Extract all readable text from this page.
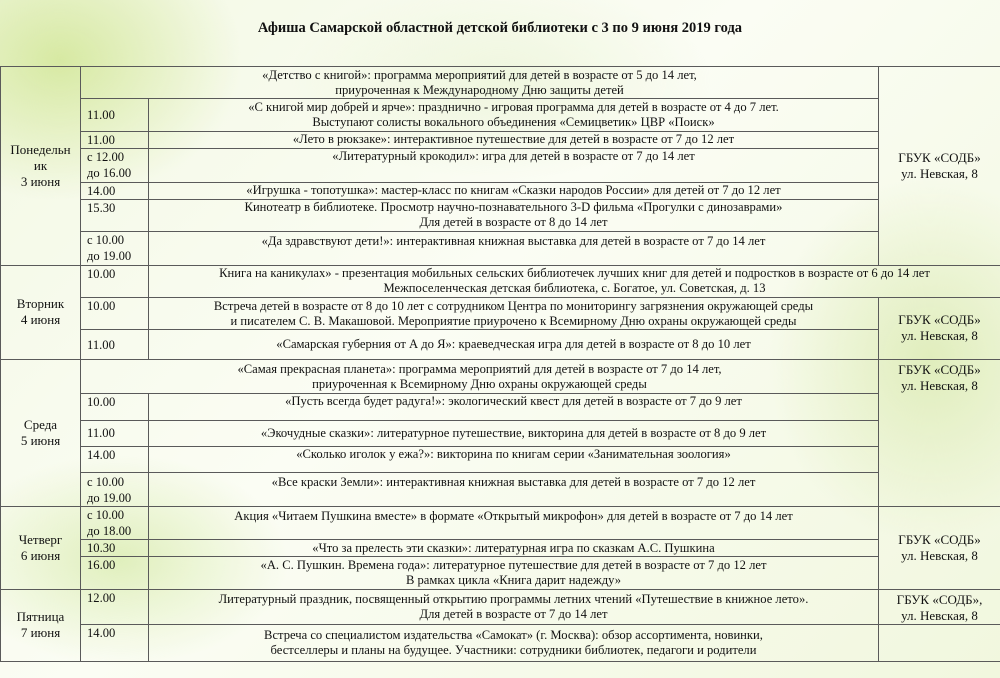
Афиша Самарской областной детской библиотеки с 3 по 9 июня 2019 года
Понедельн
ик
3 июня	«Детство с книгой»: программа мероприятий для детей в возрасте от 5 до 14 лет,
приуроченная к Международному Дню защиты детей		ГБУК «СОДБ»
ул. Невская, 8

	11.00	«С книгой мир добрей и ярче»: празднично - игровая программа для детей в возрасте от 4 до 7 лет.
Выступают солисты вокального объединения «Семицветик» ЦВР «Поиск»	
	11.00	«Лето в рюкзаке»: интерактивное путешествие для детей в возрасте от 7 до 12 лет	
	с 12.00
до 16.00	«Литературный крокодил»: игра для детей в возрасте от 7 до 14 лет	
	14.00	«Игрушка - топотушка»: мастер-класс по книгам «Сказки народов России» для детей от 7 до 12 лет	
	15.30	Кинотеатр в библиотеке. Просмотр научно-познавательного 3-D фильма «Прогулки с динозаврами»
Для детей в возрасте от 8 до 14 лет	
	с 10.00
до 19.00	«Да здравствуют дети!»: интерактивная книжная выставка для детей в возрасте от 7 до 14 лет	
Вторник
4 июня	10.00	Книга на каникулах» - презентация мобильных сельских библиотечек лучших книг для детей и подростков в возрасте от 6 до 14 лет
Межпоселенческая детская библиотека, с. Богатое, ул. Советская, д. 13	
	10.00	Встреча детей в возрасте от 8 до 10 лет с сотрудником Центра по мониторингу загрязнения окружающей среды
и писателем С. В. Макашовой. Мероприятие приурочено к Всемирному Дню охраны окружающей среды	ГБУК «СОДБ»
ул. Невская, 8

	11.00	«Самарская губерния от А до Я»: краеведческая игра для детей в возрасте от 8 до 10 лет	
Среда
5 июня	«Самая прекрасная планета»: программа мероприятий для детей в возрасте от 7 до 14 лет,
приуроченная к Всемирному Дню охраны окружающей среды		ГБУК «СОДБ»
ул. Невская, 8

	10.00	«Пусть всегда будет радуга!»: экологический квест для детей в возрасте от 7 до 9 лет	
	11.00	«Экочудные сказки»: литературное путешествие, викторина для детей в возрасте от 8 до 9 лет	
	14.00	«Сколько иголок у ежа?»: викторина по книгам серии «Занимательная зоология»	
	с 10.00
до 19.00	«Все краски Земли»: интерактивная книжная выставка для детей в возрасте от 7 до 12 лет	
Четверг
6 июня	с 10.00
до 18.00	Акция «Читаем Пушкина вместе» в формате «Открытый микрофон» для детей в возрасте от 7 до 14 лет	ГБУК «СОДБ»
ул. Невская, 8

	10.30	«Что за прелесть эти сказки»: литературная игра по сказкам А.С. Пушкина	
	16.00	«А. С. Пушкин. Времена года»: литературное путешествие для детей в возрасте от 7 до 12 лет
В рамках цикла «Книга дарит надежду»	
Пятница
7 июня	12.00	Литературный праздник, посвященный открытию программы летних чтений «Путешествие в книжное лето».
Для детей в возрасте от 7 до 14 лет	ГБУК «СОДБ»,
ул. Невская, 8

	14.00	Встреча со специалистом издательства «Самокат» (г. Москва): обзор ассортимента, новинки,
бестселлеры и планы на будущее. Участники: сотрудники библиотек, педагоги и родители	
